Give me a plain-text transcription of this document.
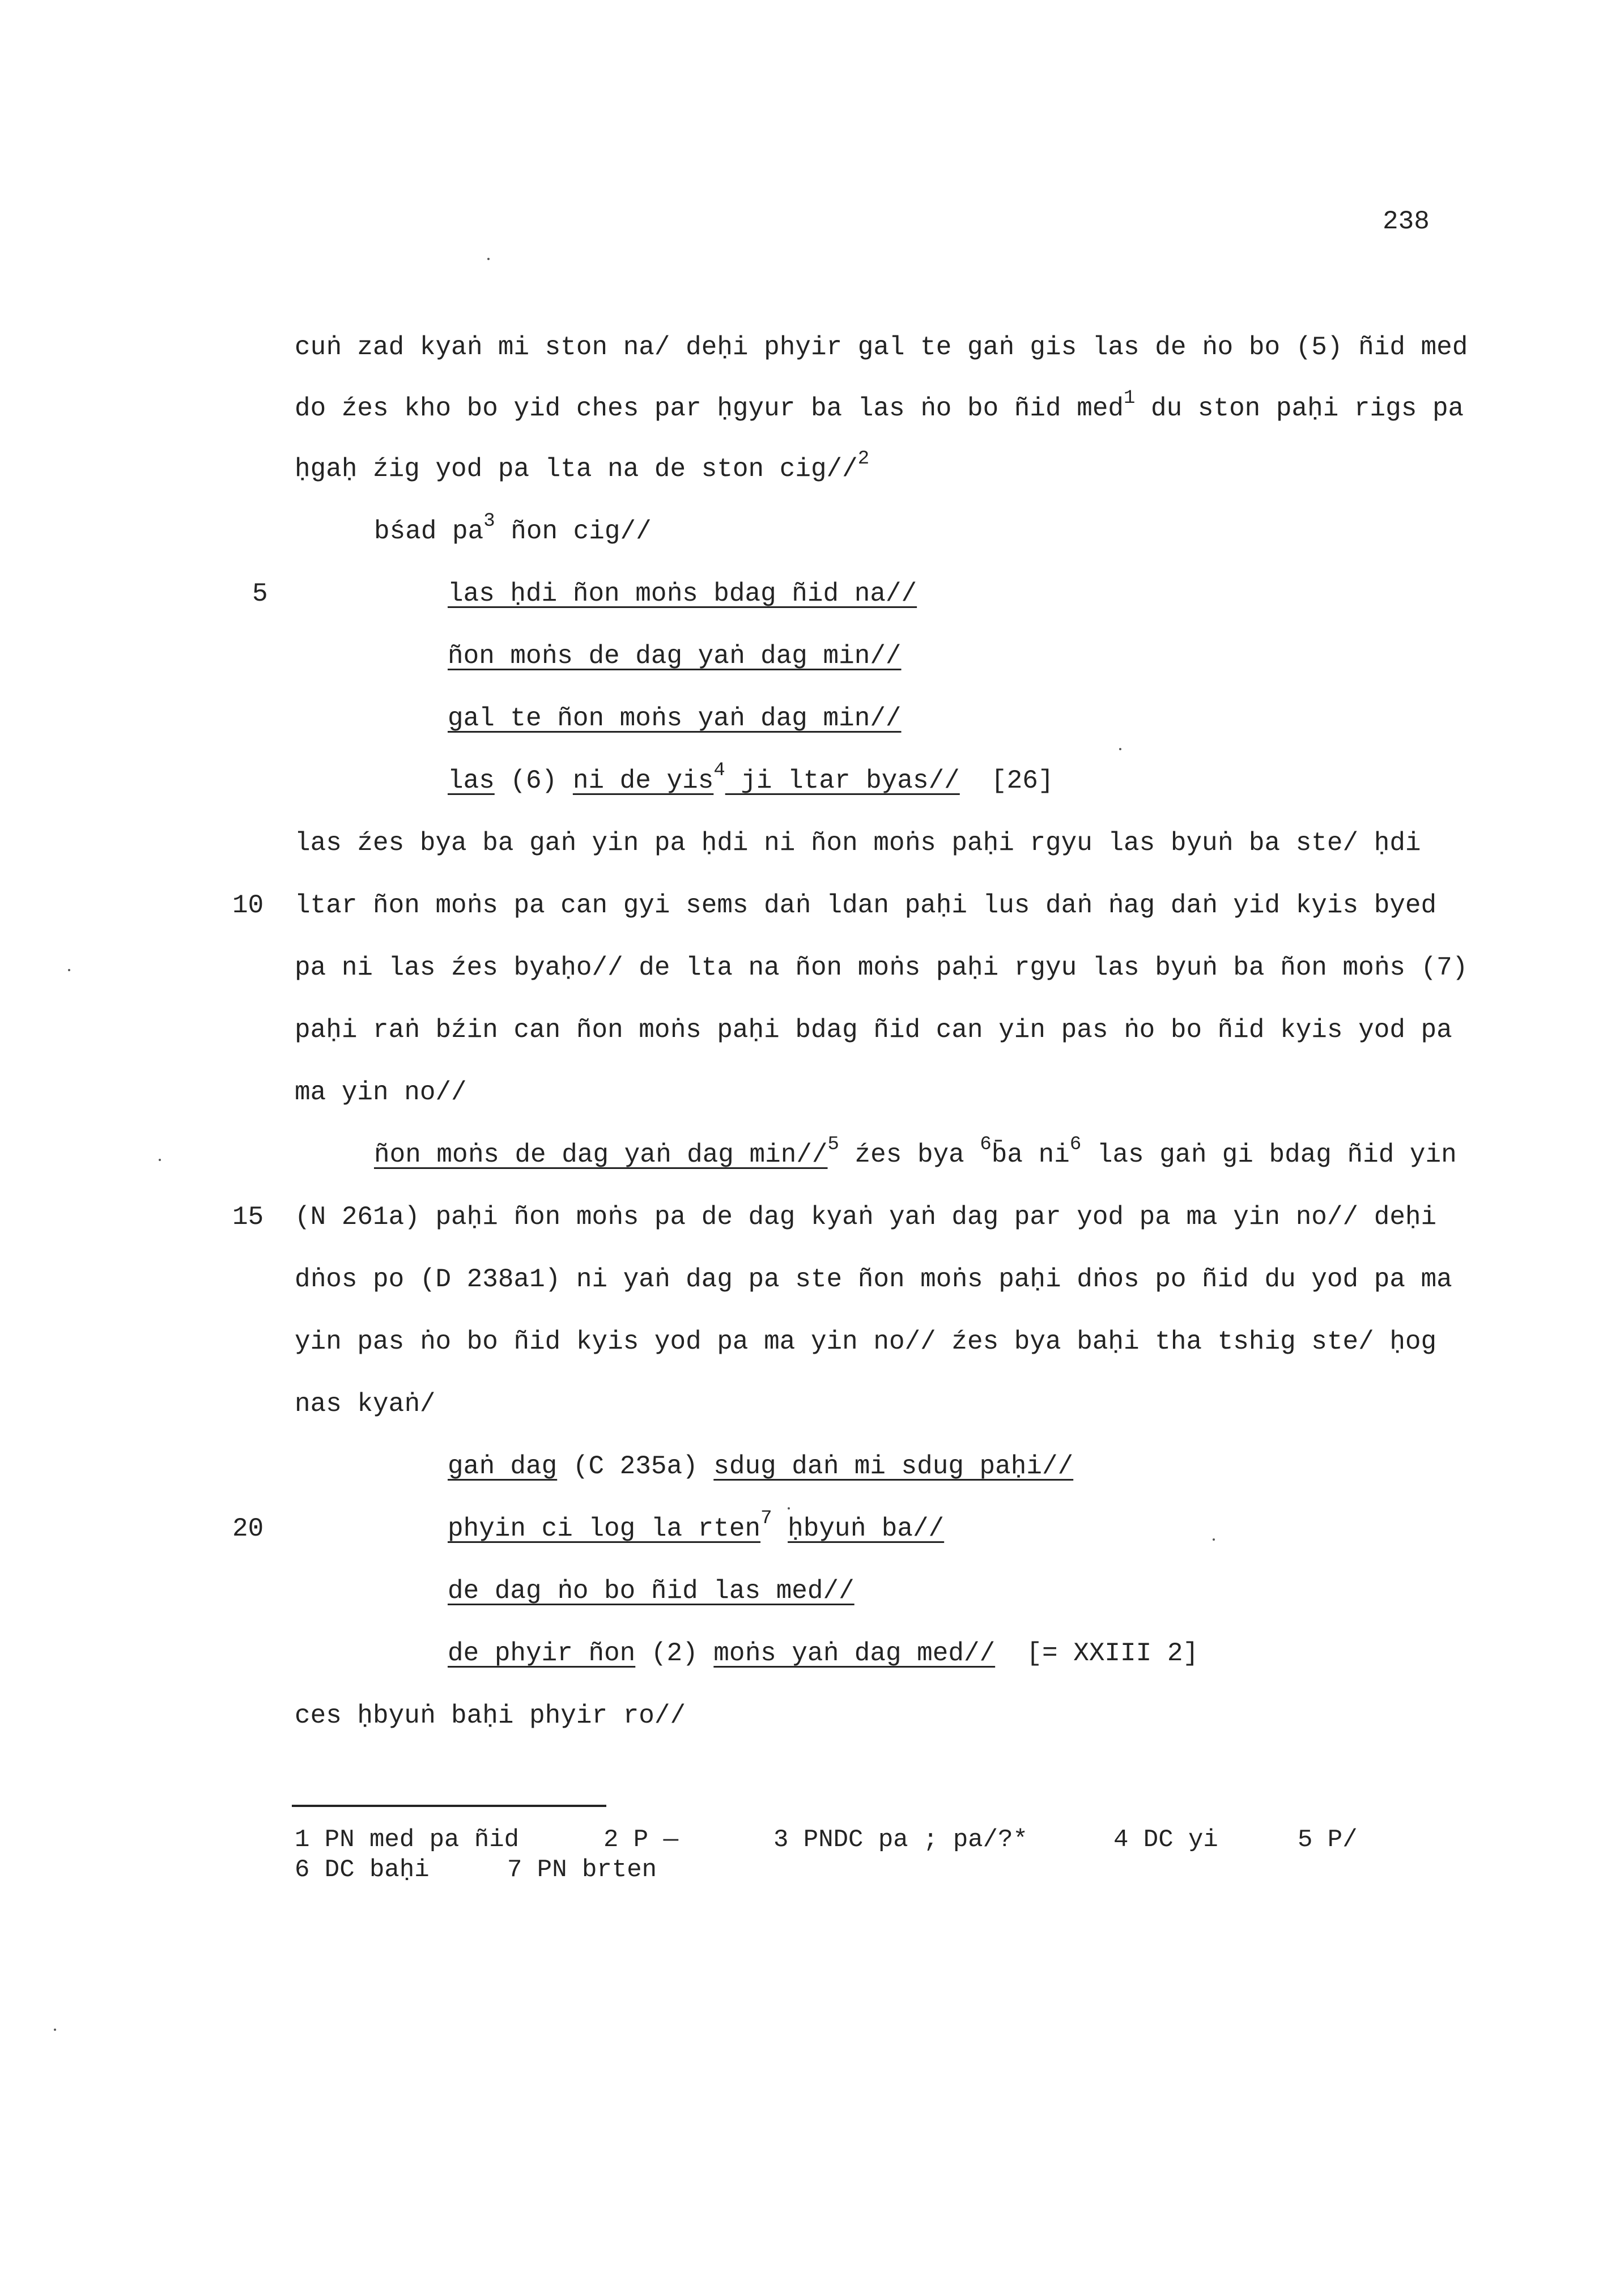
238
cuṅ zad kyaṅ mi ston na/ deḥi phyir gal te gaṅ gis las de ṅo bo (5) ñid med
do źes kho bo yid ches par ḥgyur ba las ṅo bo ñid med$^1$ du ston paḥi rigs pa
ḥgaḥ źig yod pa lta na de ston cig//$^2$
bśad $pa^3$ ñon cig//
las ḥdi ñon moṅs bdag ñid na//
5
ñon moṅs de dag yaṅ dag min//
gal te ñon moṅs yaṅ dag min//
las (6) ni de yis$^4$ ji ltar byas//  [26]
las źes bya ba gaṅ yin pa ḥdi ni ñon moṅs paḥi rgyu las byuṅ ba ste/ ḥdi
ltar ñon moṅs pa can gyi sems daṅ ldan paḥi lus daṅ ṅag daṅ yid kyis byed
10
pa ni las źes byaḥo// de lta na ñon moṅs paḥi rgyu las byuṅ ba ñon moṅs (7)
paḥi raṅ bźin can ñon moṅs paḥi bdag ñid can yin pas ṅo bo ñid kyis yod pa
ma yin no//
ñon moṅs de dag yaṅ dag min//$^5$ źes bya $^6$b̄a $ni^6$ las gaṅ gi bdag ñid yin
(N 261a) paḥi ñon moṅs pa de dag kyaṅ yaṅ dag par yod pa ma yin no// deḥi
15
dṅos po (D 238a1) ni yaṅ dag pa ste ñon moṅs paḥi dṅos po ñid du yod pa ma
yin pas ṅo bo ñid kyis yod pa ma yin no// źes bya baḥi tha tshig ste/ ḥog
nas kyaṅ/
gaṅ dag (C 235a) sdug daṅ mi sdug paḥi//
phyin ci log la rten$^7$ ḥbyuṅ ba//
20
de dag ṅo bo ñid las med//
de phyir ñon (2) moṅs yaṅ dag med//  [= XXIII 2]
ces ḥbyuṅ baḥi phyir ro//
1 PN med pa ñid	2 P —	3 PNDC pa ; pa/?*	4 DC yi	5 P/
6 DC baḥi	7 PN brten
